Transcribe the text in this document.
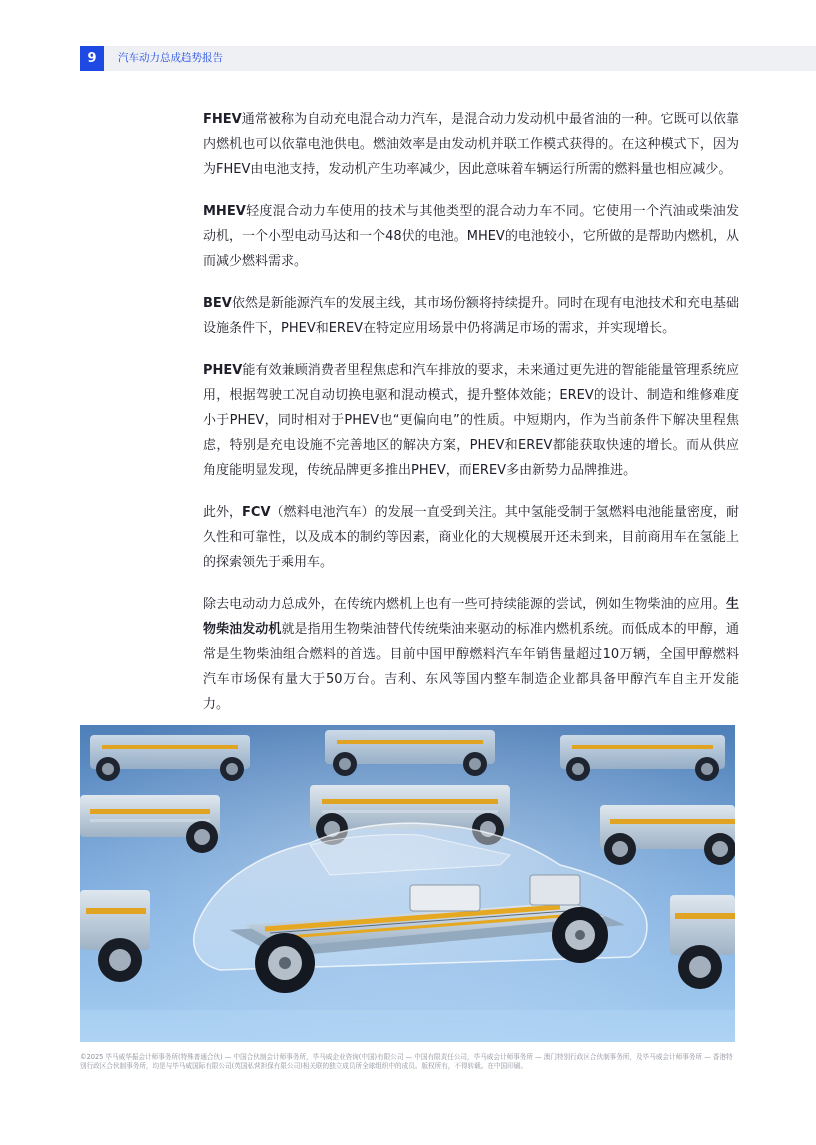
9	汽车动力总成趋势报告

FHEV通常被称为自动充电混合动力汽车，是混合动力发动机中最省油的一种。它既可以依靠内燃机也可以依靠电池供电。燃油效率是由发动机并联工作模式获得的。在这种模式下，因为为FHEV由电池支持，发动机产生功率减少，因此意味着车辆运行所需的燃料量也相应减少。

MHEV轻度混合动力车使用的技术与其他类型的混合动力车不同。它使用一个汽油或柴油发动机，一个小型电动马达和一个48伏的电池。MHEV的电池较小，它所做的是帮助内燃机，从而减少燃料需求。

BEV依然是新能源汽车的发展主线，其市场份额将持续提升。同时在现有电池技术和充电基础设施条件下，PHEV和EREV在特定应用场景中仍将满足市场的需求，并实现增长。

PHEV能有效兼顾消费者里程焦虑和汽车排放的要求，未来通过更先进的智能能量管理系统应用，根据驾驶工况自动切换电驱和混动模式，提升整体效能；EREV的设计、制造和维修难度小于PHEV，同时相对于PHEV也“更偏向电”的性质。中短期内，作为当前条件下解决里程焦虑，特别是充电设施不完善地区的解决方案，PHEV和EREV都能获取快速的增长。而从供应角度能明显发现，传统品牌更多推出PHEV，而EREV多由新势力品牌推进。

此外，FCV（燃料电池汽车）的发展一直受到关注。其中氢能受制于氢燃料电池能量密度，耐久性和可靠性，以及成本的制约等因素，商业化的大规模展开还未到来，目前商用车在氢能上的探索领先于乘用车。

除去电动动力总成外，在传统内燃机上也有一些可持续能源的尝试，例如生物柴油的应用。生物柴油发动机就是指用生物柴油替代传统柴油来驱动的标准内燃机系统。而低成本的甲醇，通常是生物柴油组合燃料的首选。目前中国甲醇燃料汽车年销售量超过10万辆，全国甲醇燃料汽车市场保有量大于50万台。吉利、东风等国内整车制造企业都具备甲醇汽车自主开发能力。

©2025 毕马威华振会计师事务所(特殊普通合伙) — 中国合伙制会计师事务所，毕马威企业咨询(中国)有限公司 — 中国有限责任公司，毕马威会计师事务所 — 澳门特别行政区合伙制事务所，及毕马威会计师事务所 — 香港特别行政区合伙制事务所，均是与毕马威国际有限公司(英国私营担保有限公司)相关联的独立成员所全球组织中的成员。版权所有，不得转载。在中国印刷。
